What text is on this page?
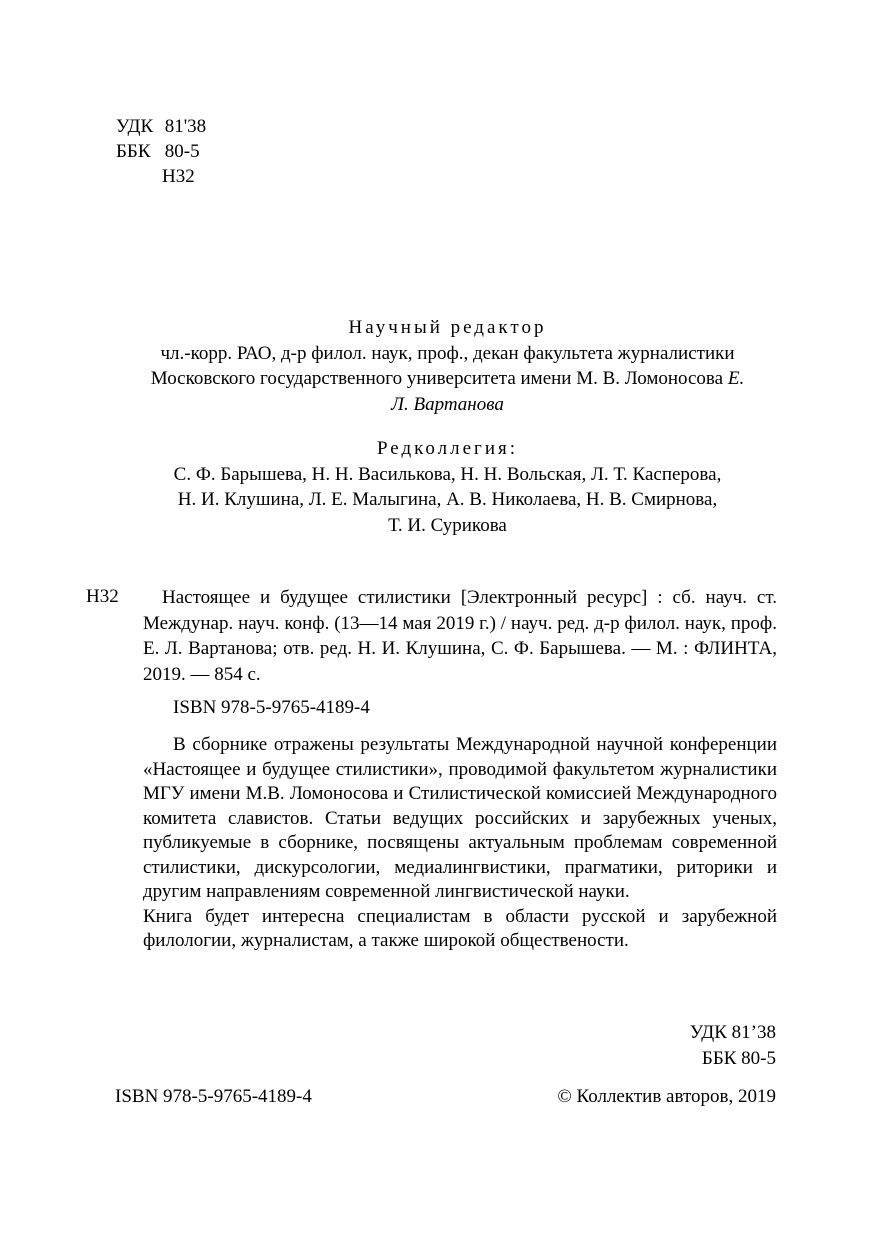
УДК 81'38
ББК 80-5
Н32
Научный редактор
чл.-корр. РАО, д-р филол. наук, проф., декан факультета журналистики
Московского государственного университета имени М. В. Ломоносова Е.
Л. Вартанова
Редколлегия:
С. Ф. Барышева, Н. Н. Василькова, Н. Н. Вольская, Л. Т. Касперова,
Н. И. Клушина, Л. Е. Малыгина, А. В. Николаева, Н. В. Смирнова,
Т. И. Сурикова
Н32	Настоящее и будущее стилистики [Электронный ресурс] : сб. науч. ст. Междунар. науч. конф. (13—14 мая 2019 г.) / науч. ред. д-р филол. наук, проф. Е. Л. Вартанова; отв. ред. Н. И. Клушина, С. Ф. Барышева. — М. : ФЛИНТА, 2019. — 854 с.
ISBN 978-5-9765-4189-4

В сборнике отражены результаты Международной научной конференции «Настоящее и будущее стилистики», проводимой факультетом журналистики МГУ имени М.В. Ломоносова и Стилистической комиссией Международного комитета славистов. Статьи ведущих российских и зарубежных ученых, публикуемые в сборнике, посвящены актуальным проблемам современной стилистики, дискурсологии, медиалингвистики, прагматики, риторики и другим направлениям современной лингвистической науки.

Книга будет интересна специалистам в области русской и зарубежной филологии, журналистам, а также широкой обществености.

УДК 81’38
ББК 80-5
ISBN 978-5-9765-4189-4	© Коллектив авторов, 2019
